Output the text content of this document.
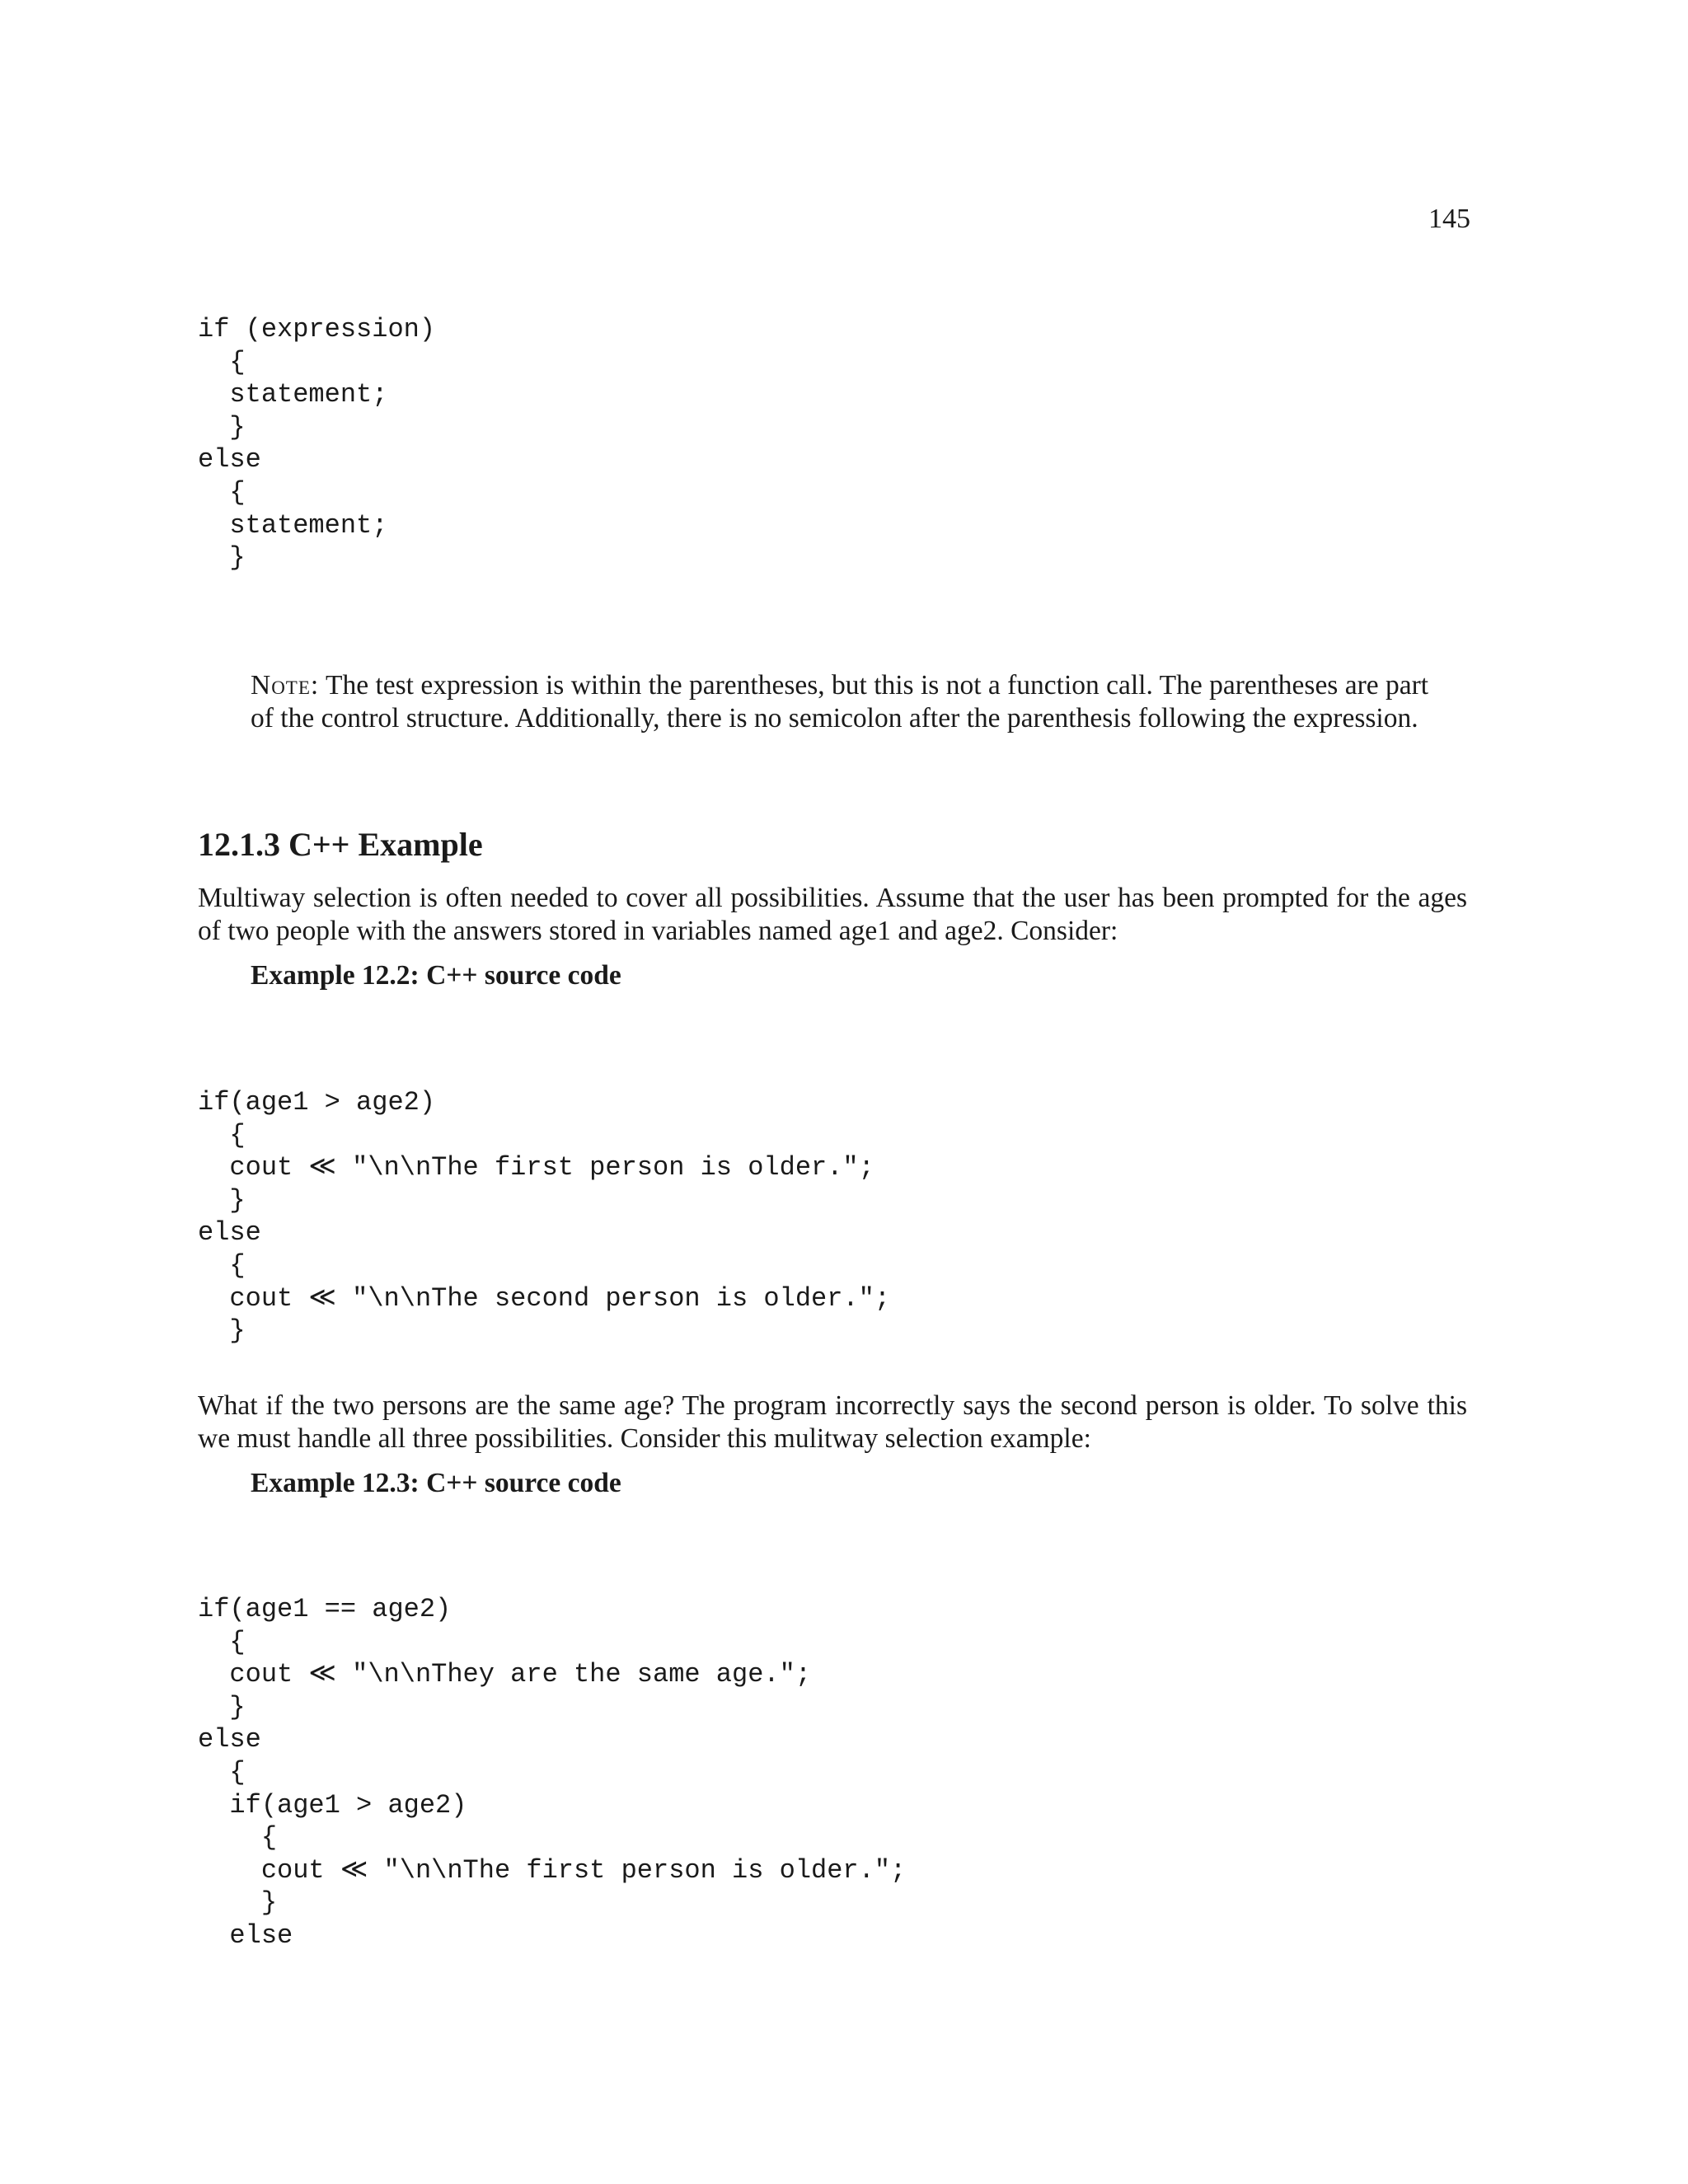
145
if (expression)
{
statement;
}
else
{
statement;
}
Note: The test expression is within the parentheses, but this is not a function call. The parentheses are part of the control structure. Additionally, there is no semicolon after the parenthesis following the expression.
12.1.3 C++ Example

Multiway selection is often needed to cover all possibilities. Assume that the user has been prompted for the ages of two people with the answers stored in variables named age1 and age2. Consider:

Example 12.2: C++ source code

if(age1 > age2)
{
cout ≪ "\n\nThe first person is older.";
}
else
{
cout ≪ "\n\nThe second person is older.";
}

What if the two persons are the same age? The program incorrectly says the second person is older. To solve this we must handle all three possibilities. Consider this mulitway selection example:

Example 12.3: C++ source code

if(age1 == age2)
{
cout ≪ "\n\nThey are the same age.";
}
else
{
if(age1 > age2)
{
cout ≪ "\n\nThe first person is older.";
}
else
